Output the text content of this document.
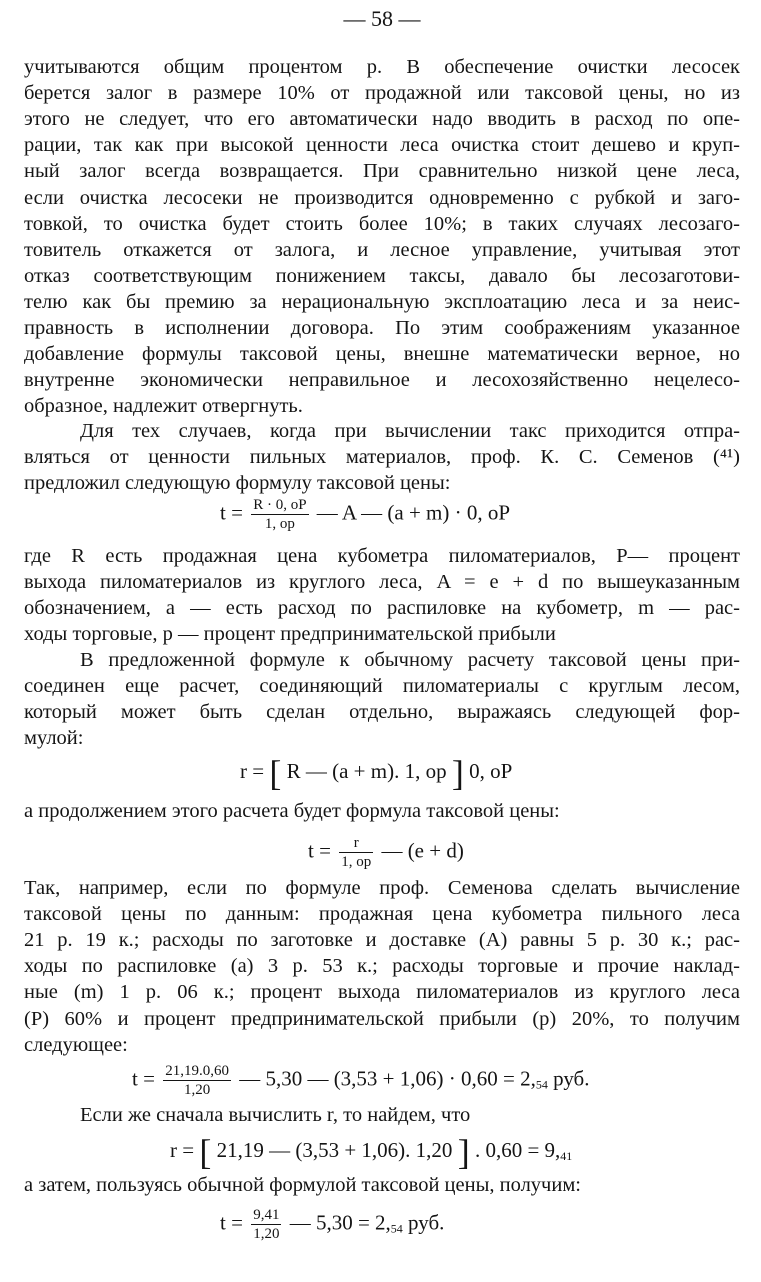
— 58 —
учитываются общим процентом p. В обеспечение очистки лесосек
берется залог в размере 10% от продажной или таксовой цены, но из
этого не следует, что его автоматически надо вводить в расход по опе-
рации, так как при высокой ценности леса очистка стоит дешево и круп-
ный залог всегда возвращается. При сравнительно низкой цене леса,
если очистка лесосеки не производится одновременно с рубкой и заго-
товкой, то очистка будет стоить более 10%; в таких случаях лесозаго-
товитель откажется от залога, и лесное управление, учитывая этот
отказ соответствующим понижением таксы, давало бы лесозаготови-
телю как бы премию за нерациональную эксплоатацию леса и за неис-
правность в исполнении договора. По этим соображениям указанное
добавление формулы таксовой цены, внешне математически верное, но
внутренне экономически неправильное и лесохозяйственно нецелесо-
образное, надлежит отвергнуть.
Для тех случаев, когда при вычислении такс приходится отпра-
вляться от ценности пильных материалов, проф. К. С. Семенов (⁴¹)
предложил следующую формулу таксовой цены:
$t = \frac{R \cdot 0, oP}{1, op}$ — A — (a + m) · 0, oP
где R есть продажная цена кубометра пиломатериалов, P— процент
выхода пиломатериалов из круглого леса, A = e + d по вышеуказанным
обозначением, a — есть расход по распиловке на кубометр, m — рас-
ходы торговые, p — процент предпринимательской прибыли
В предложенной формуле к обычному расчету таксовой цены при-
соединен еще расчет, соединяющий пиломатериалы с круглым лесом,
который может быть сделан отдельно, выражаясь следующей фор-
мулой:
r = [ R — (a + m). 1, op ] 0, oP
а продолжением этого расчета будет формула таксовой цены:
$t = \frac{r}{1, op}$ — (e + d)
Так, например, если по формуле проф. Семенова сделать вычисление
таксовой цены по данным: продажная цена кубометра пильного леса
21 р. 19 к.; расходы по заготовке и доставке (A) равны 5 р. 30 к.; рас-
ходы по распиловке (a) 3 р. 53 к.; расходы торговые и прочие наклад-
ные (m) 1 р. 06 к.; процент выхода пиломатериалов из круглого леса
(P) 60% и процент предпринимательской прибыли (p) 20%, то получим
следующее:
$t = \frac{21,19.0,60}{1,20}$ — 5,30 — $(3,53 + 1,06) \cdot 0,60 = 2,_{54}$ руб.
Если же сначала вычислить r, то найдем, что
r = [ 21,19 — (3,53 + 1,06). 1,20 ] . $0,60 = 9,_{41}$
а затем, пользуясь обычной формулой таксовой цены, получим:
$t = \frac{9,41}{1,20}$ — $5,30 = 2,_{54}$ руб.
